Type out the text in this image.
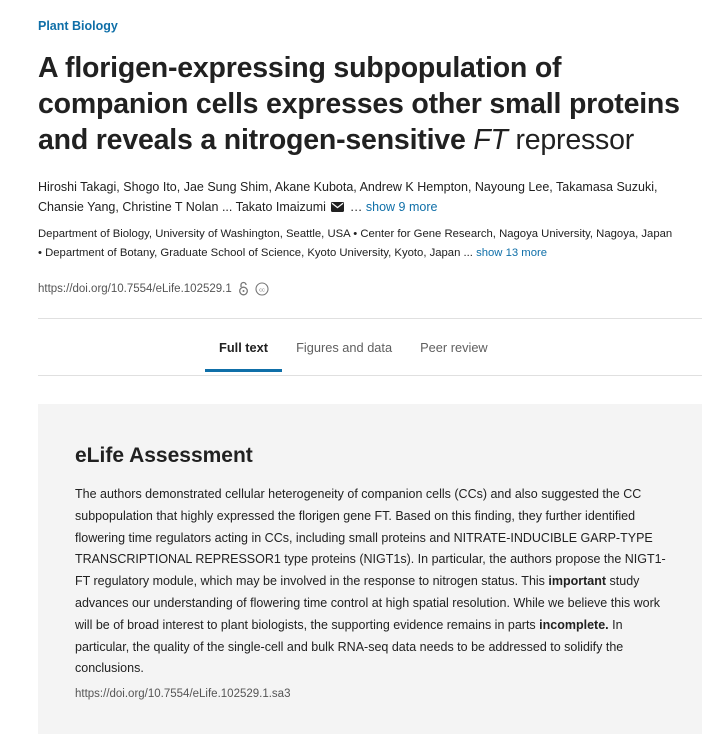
Plant Biology
A florigen-expressing subpopulation of companion cells expresses other small proteins and reveals a nitrogen-sensitive FT repressor
Hiroshi Takagi, Shogo Ito, Jae Sung Shim, Akane Kubota, Andrew K Hempton, Nayoung Lee, Takamasa Suzuki, Chansie Yang, Christine T Nolan ... Takato Imaizumi … show 9 more
Department of Biology, University of Washington, Seattle, USA • Center for Gene Research, Nagoya University, Nagoya, Japan
• Department of Botany, Graduate School of Science, Kyoto University, Kyoto, Japan ... show 13 more
https://doi.org/10.7554/eLife.102529.1	cc
Full text	Figures and data	Peer review
eLife Assessment

The authors demonstrated cellular heterogeneity of companion cells (CCs) and also suggested the CC subpopulation that highly expressed the florigen gene FT. Based on this finding, they further identified flowering time regulators acting in CCs, including small proteins and NITRATE-INDUCIBLE GARP-TYPE TRANSCRIPTIONAL REPRESSOR1 type proteins (NIGT1s). In particular, the authors propose the NIGT1-FT regulatory module, which may be involved in the response to nitrogen status. This important study advances our understanding of flowering time control at high spatial resolution. While we believe this work will be of broad interest to plant biologists, the supporting evidence remains in parts incomplete. In particular, the quality of the single-cell and bulk RNA-seq data needs to be addressed to solidify the conclusions.

https://doi.org/10.7554/eLife.102529.1.sa3
